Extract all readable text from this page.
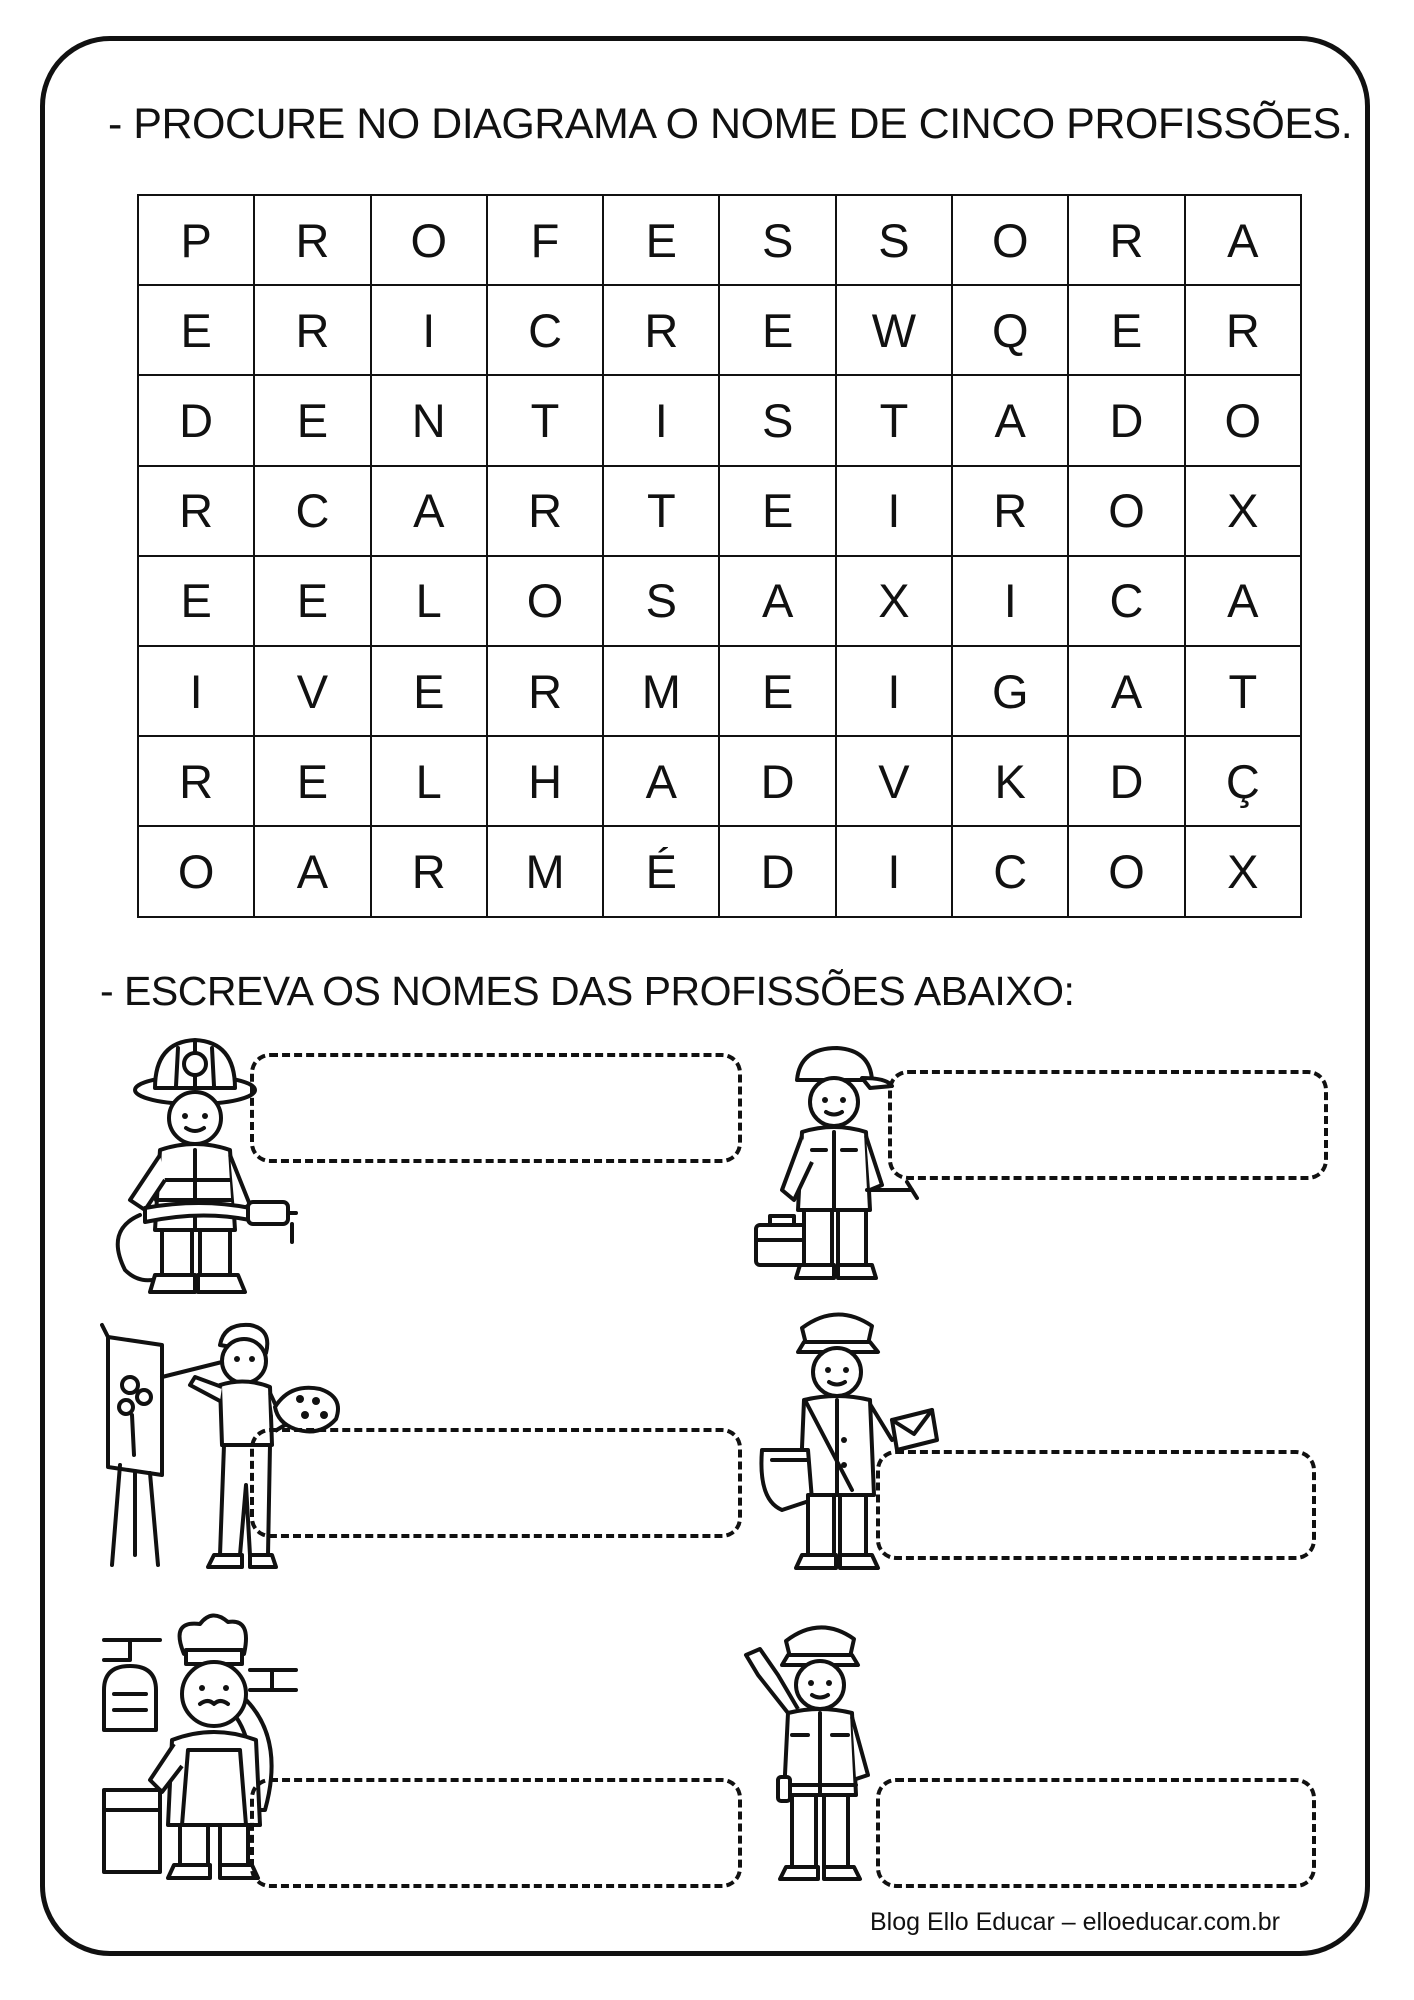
- PROCURE NO DIAGRAMA O NOME DE CINCO PROFISSÕES.
P	R	O	F	E	S	S	O	R	A
E	R	I	C	R	E	W	Q	E	R
D	E	N	T	I	S	T	A	D	O
R	C	A	R	T	E	I	R	O	X
E	E	L	O	S	A	X	I	C	A
I	V	E	R	M	E	I	G	A	T
R	E	L	H	A	D	V	K	D	Ç
O	A	R	M	É	D	I	C	O	X
- ESCREVA OS NOMES DAS PROFISSÕES ABAIXO:
Blog Ello Educar – elloeducar.com.br
